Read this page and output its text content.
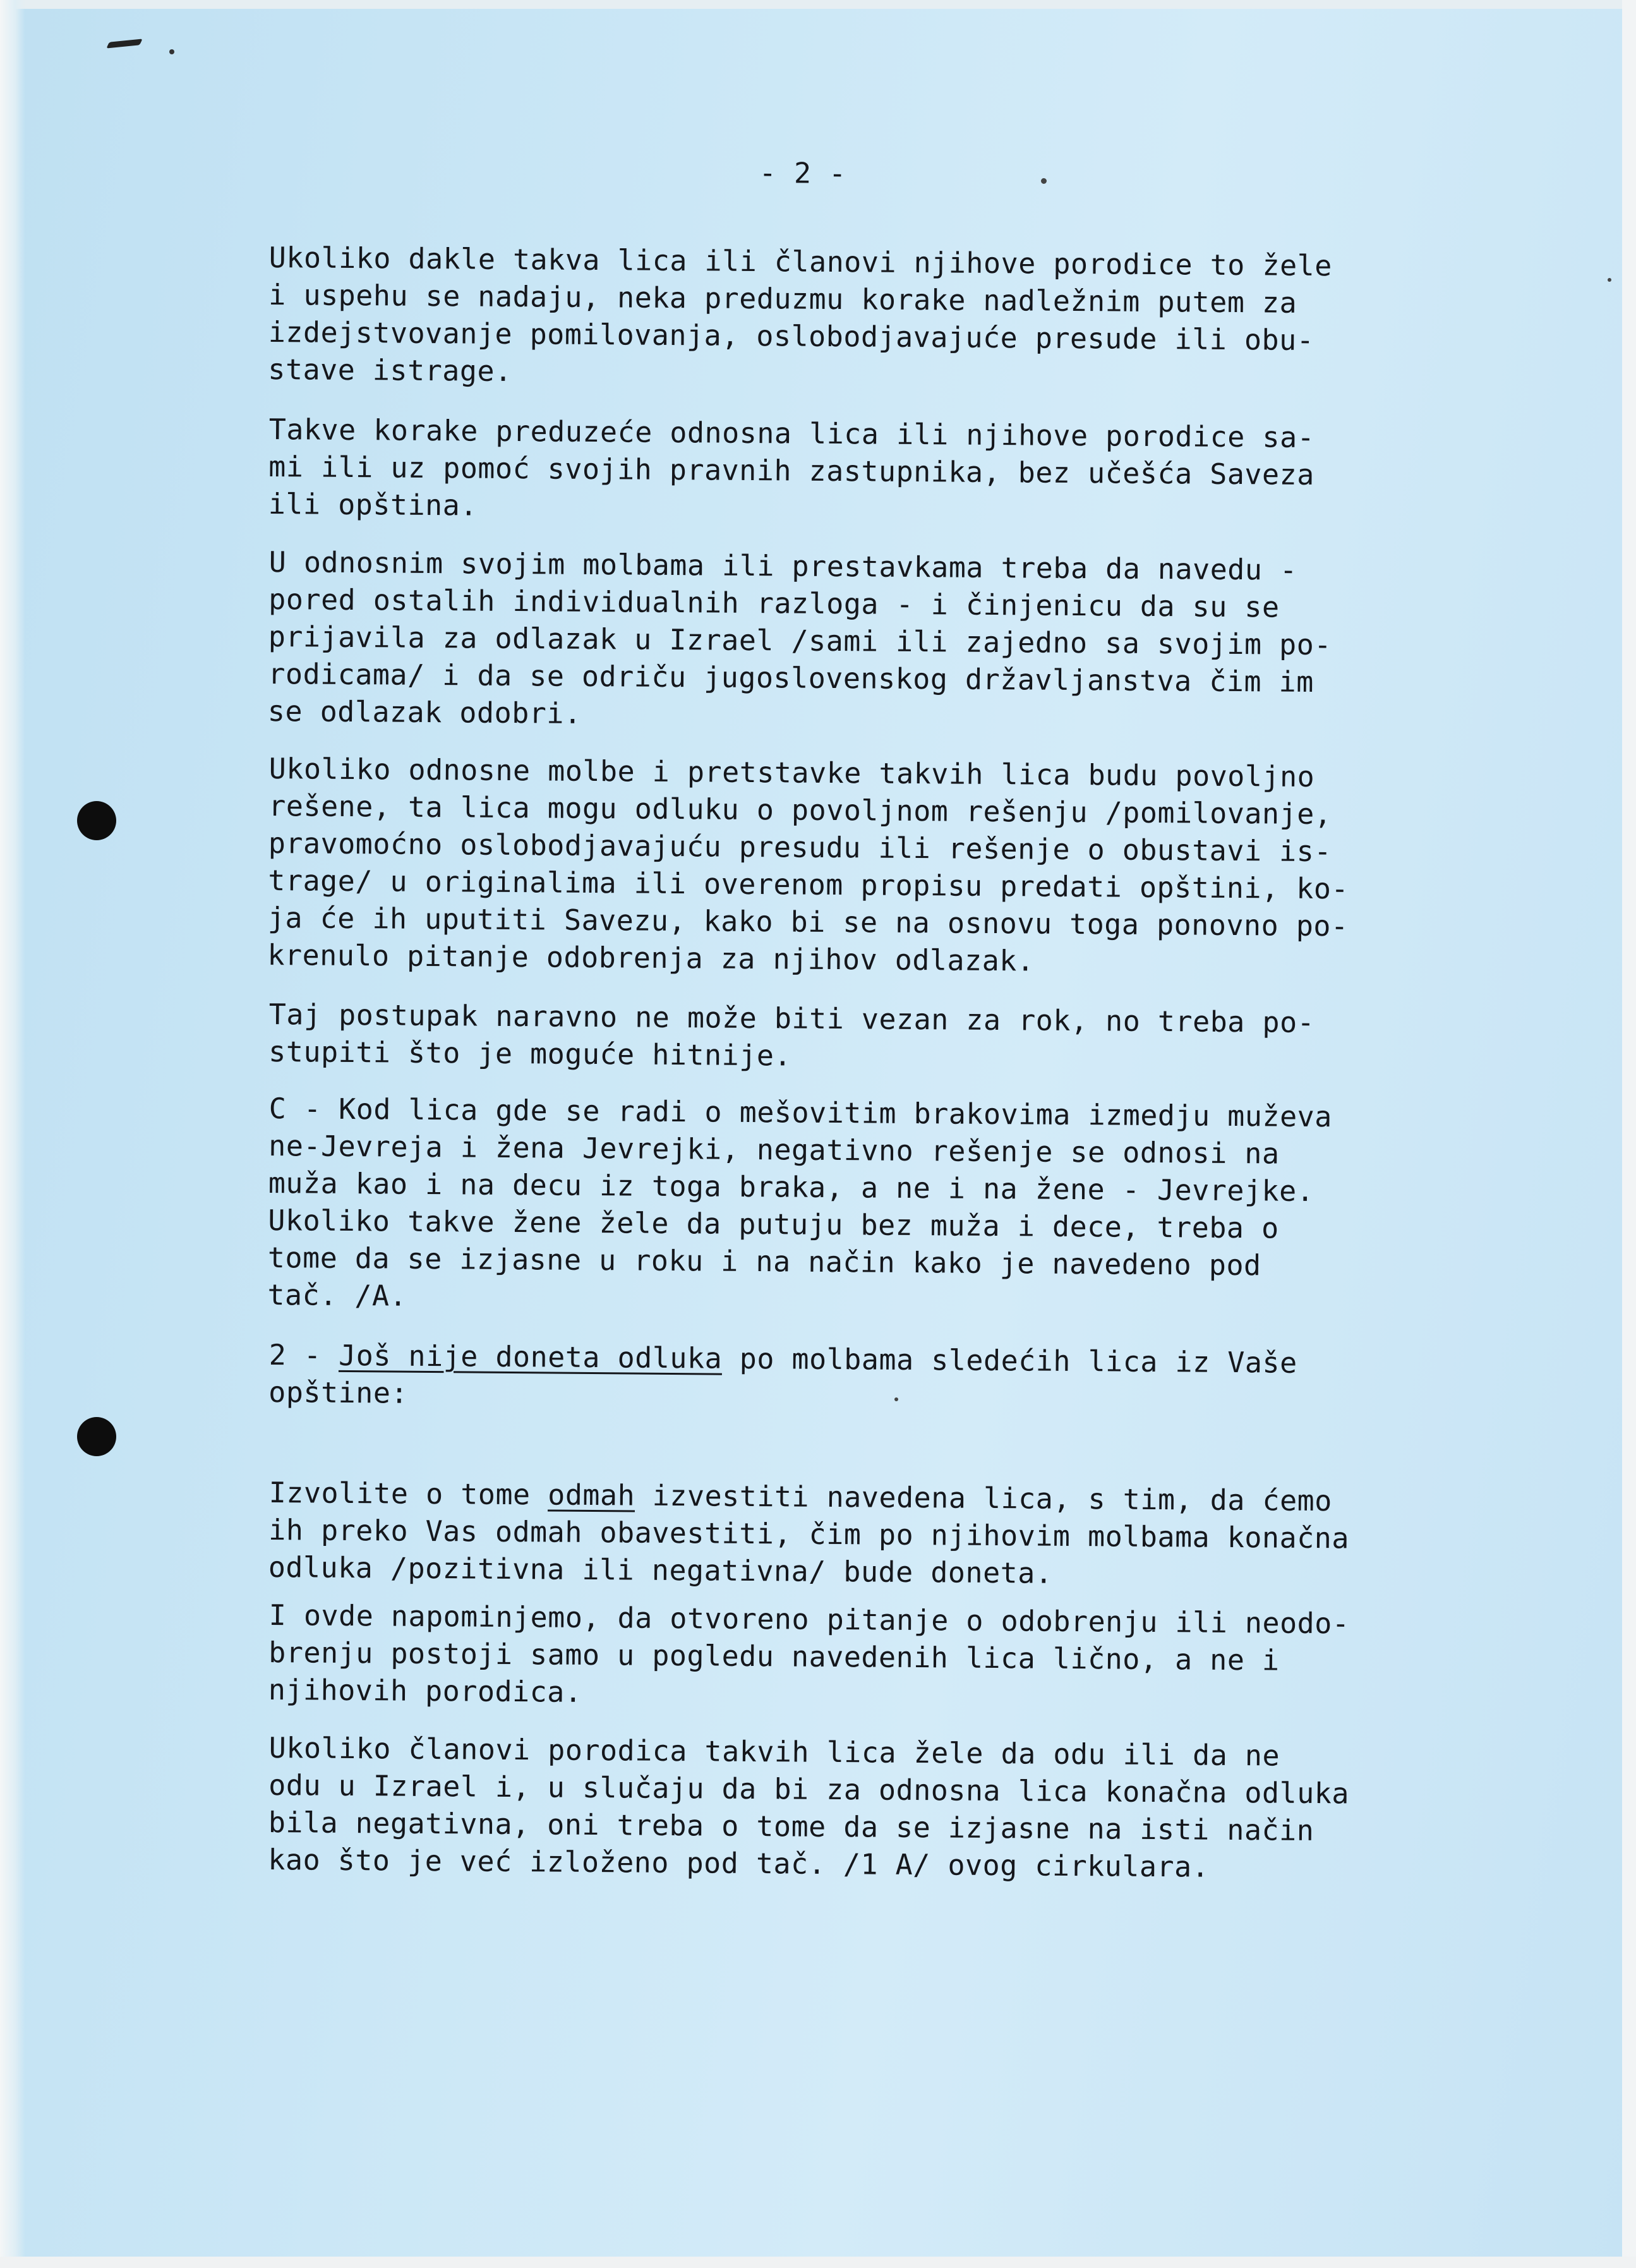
- 2 -
Ukoliko dakle takva lica ili članovi njihove porodice to žele
i uspehu se nadaju, neka preduzmu korake nadležnim putem za
izdejstvovanje pomilovanja, oslobodjavajuće presude ili obu-
stave istrage.
Takve korake preduzeće odnosna lica ili njihove porodice sa-
mi ili uz pomoć svojih pravnih zastupnika, bez učešća Saveza
ili opština.
U odnosnim svojim molbama ili prestavkama treba da navedu -
pored ostalih individualnih razloga - i činjenicu da su se
prijavila za odlazak u Izrael /sami ili zajedno sa svojim po-
rodicama/ i da se odriču jugoslovenskog državljanstva čim im
se odlazak odobri.
Ukoliko odnosne molbe i pretstavke takvih lica budu povoljno
rešene, ta lica mogu odluku o povoljnom rešenju /pomilovanje,
pravomoćno oslobodjavajuću presudu ili rešenje o obustavi is-
trage/ u originalima ili overenom propisu predati opštini, ko-
ja će ih uputiti Savezu, kako bi se na osnovu toga ponovno po-
krenulo pitanje odobrenja za njihov odlazak.
Taj postupak naravno ne može biti vezan za rok, no treba po-
stupiti što je moguće hitnije.
C - Kod lica gde se radi o mešovitim brakovima izmedju muževa
ne-Jevreja i žena Jevrejki, negativno rešenje se odnosi na
muža kao i na decu iz toga braka, a ne i na žene - Jevrejke.
Ukoliko takve žene žele da putuju bez muža i dece, treba o
tome da se izjasne u roku i na način kako je navedeno pod
tač. /A.
2 - Još nije doneta odluka po molbama sledećih lica iz Vaše
opštine:
Izvolite o tome odmah izvestiti navedena lica, s tim, da ćemo
ih preko Vas odmah obavestiti, čim po njihovim molbama konačna
odluka /pozitivna ili negativna/ bude doneta.
I ovde napominjemo, da otvoreno pitanje o odobrenju ili neodo-
brenju postoji samo u pogledu navedenih lica lično, a ne i
njihovih porodica.
Ukoliko članovi porodica takvih lica žele da odu ili da ne
odu u Izrael i, u slučaju da bi za odnosna lica konačna odluka
bila negativna, oni treba o tome da se izjasne na isti način
kao što je već izloženo pod tač. /1 A/ ovog cirkulara.
